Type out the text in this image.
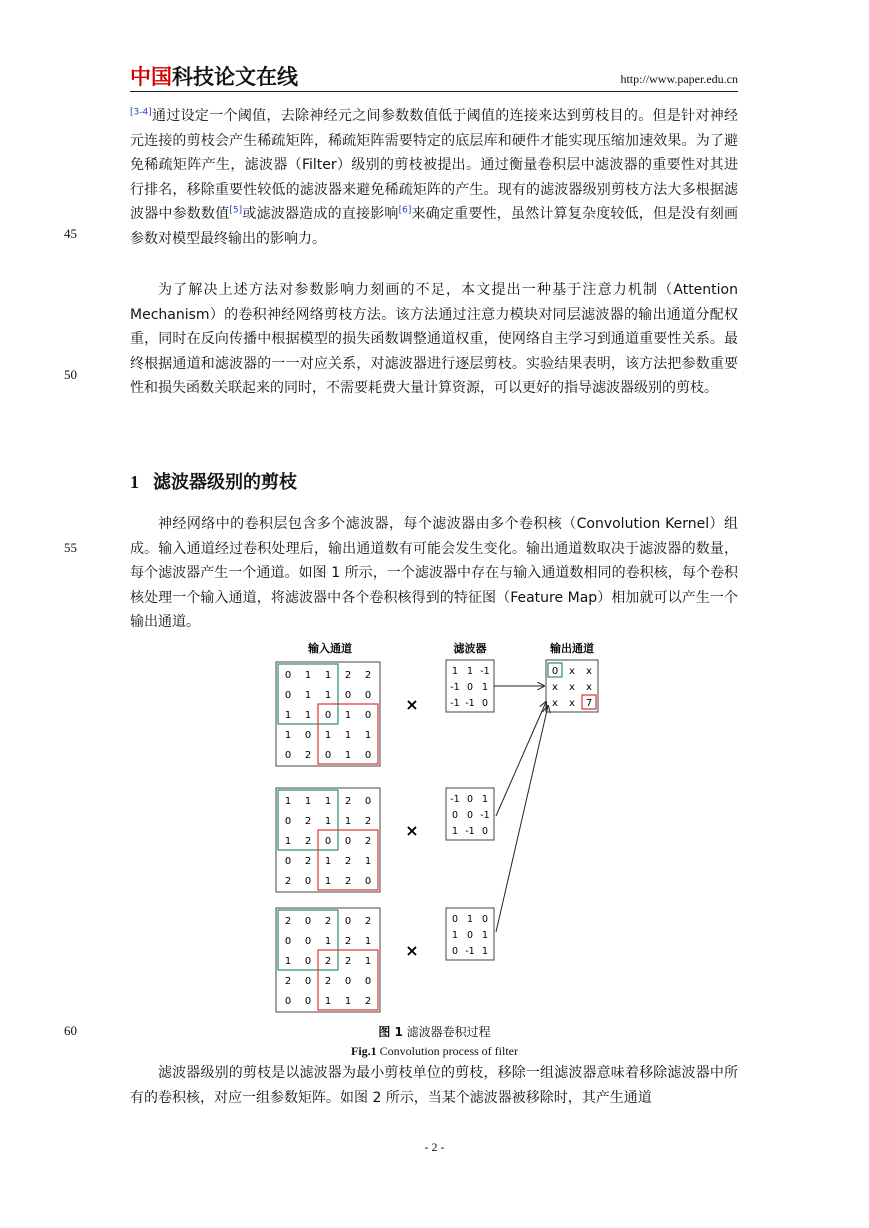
中国科技论文在线	http://www.paper.edu.cn

[3-4]通过设定一个阈值，去除神经元之间参数数值低于阈值的连接来达到剪枝目的。但是针对神经元连接的剪枝会产生稀疏矩阵，稀疏矩阵需要特定的底层库和硬件才能实现压缩加速效果。为了避免稀疏矩阵产生，滤波器（Filter）级别的剪枝被提出。通过衡量卷积层中滤波器的重要性对其进行排名，移除重要性较低的滤波器来避免稀疏矩阵的产生。现有的滤波器级别剪枝方法大多根据滤波器中参数数值[5]或滤波器造成的直接影响[6]来确定重要性，虽然计算复杂度较低，但是没有刻画参数对模型最终输出的影响力。

为了解决上述方法对参数影响力刻画的不足，本文提出一种基于注意力机制（Attention Mechanism）的卷积神经网络剪枝方法。该方法通过注意力模块对同层滤波器的输出通道分配权重，同时在反向传播中根据模型的损失函数调整通道权重，使网络自主学习到通道重要性关系。最终根据通道和滤波器的一一对应关系，对滤波器进行逐层剪枝。实验结果表明，该方法把参数重要性和损失函数关联起来的同时，不需要耗费大量计算资源，可以更好的指导滤波器级别的剪枝。

1 滤波器级别的剪枝

神经网络中的卷积层包含多个滤波器，每个滤波器由多个卷积核（Convolution Kernel）组成。输入通道经过卷积处理后，输出通道数有可能会发生变化。输出通道数取决于滤波器的数量，每个滤波器产生一个通道。如图 1 所示，一个滤波器中存在与输入通道数相同的卷积核，每个卷积核处理一个输入通道，将滤波器中各个卷积核得到的特征图（Feature Map）相加就可以产生一个输出通道。

45
50
55
60
输入通道	滤波器	输出通道
0 1 1 2 2
0 1 1 0 0
1 1 0 1 0
1 0 1 1 1
0 2 0 1 0
×
1 1 1 2 0
0 2 1 1 2
1 2 0 0 2
0 2 1 2 1
2 0 1 2 0
×
2 0 2 0 2
0 0 1 2 1
1 0 2 2 1
2 0 2 0 0
0 0 1 1 2
×
1 1 -1
-1 0 1
-1 -1 0
-1 0 1
0 0 -1
1 -1 0
0 1 0
1 0 1
0 -1 1
0 x x
x x x
x x 7
图 1 滤波器卷积过程
Fig.1 Convolution process of filter

滤波器级别的剪枝是以滤波器为最小剪枝单位的剪枝，移除一组滤波器意味着移除滤波器中所有的卷积核，对应一组参数矩阵。如图 2 所示，当某个滤波器被移除时，其产生通道

- 2 -
